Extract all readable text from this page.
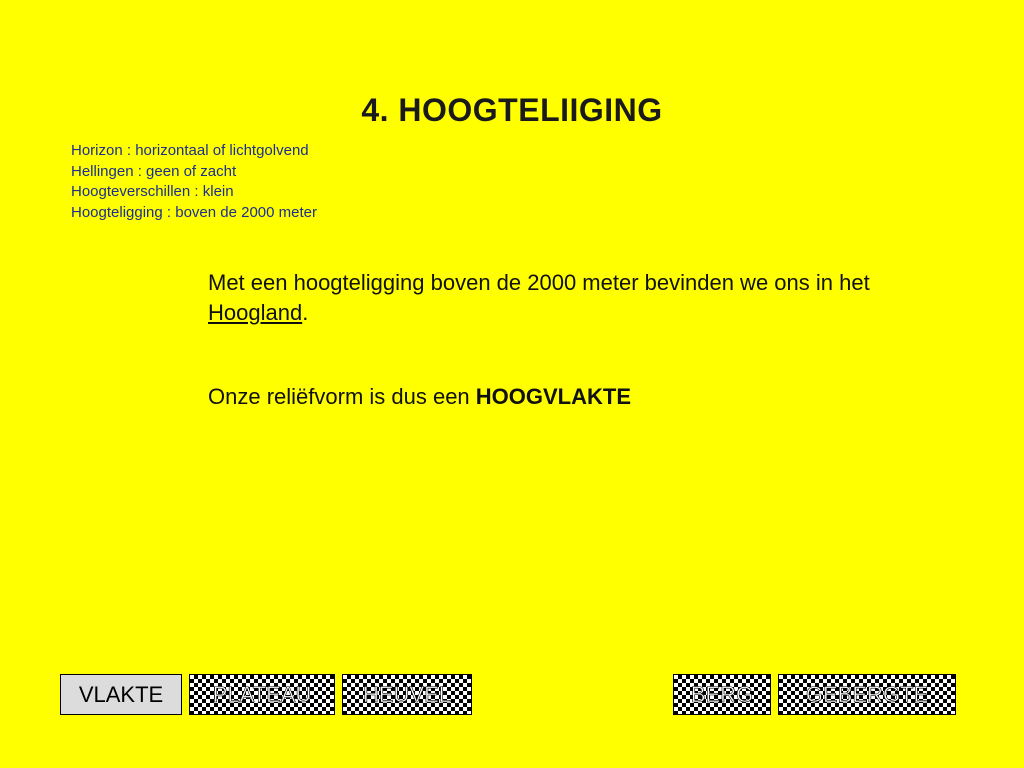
4. HOOGTELIIGING
Horizon : horizontaal of lichtgolvend
Hellingen : geen of zacht
Hoogteverschillen : klein
Hoogteligging : boven de 2000 meter
Met een hoogteligging boven de 2000 meter bevinden we ons in het Hoogland.
Onze reliëfvorm is dus een HOOGVLAKTE
VLAKTE PLATEAU HEUVEL	BERG GEBERGTE
